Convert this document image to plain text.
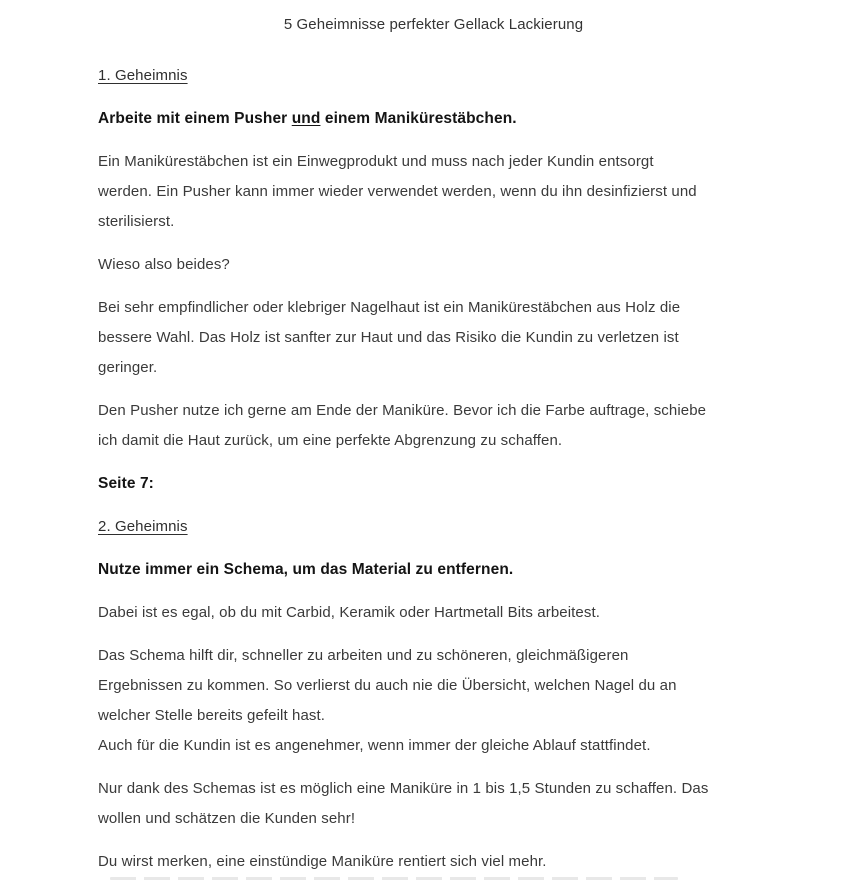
5 Geheimnisse perfekter Gellack Lackierung

1. Geheimnis

Arbeite mit einem Pusher und einem Manikürestäbchen.

Ein Manikürestäbchen ist ein Einwegprodukt und muss nach jeder Kundin entsorgt
werden. Ein Pusher kann immer wieder verwendet werden, wenn du ihn desinfizierst und
sterilisierst.

Wieso also beides?

Bei sehr empfindlicher oder klebriger Nagelhaut ist ein Manikürestäbchen aus Holz die
bessere Wahl. Das Holz ist sanfter zur Haut und das Risiko die Kundin zu verletzen ist
geringer.

Den Pusher nutze ich gerne am Ende der Maniküre. Bevor ich die Farbe auftrage, schiebe
ich damit die Haut zurück, um eine perfekte Abgrenzung zu schaffen.

Seite 7:

2. Geheimnis

Nutze immer ein Schema, um das Material zu entfernen.

Dabei ist es egal, ob du mit Carbid, Keramik oder Hartmetall Bits arbeitest.

Das Schema hilft dir, schneller zu arbeiten und zu schöneren, gleichmäßigeren
Ergebnissen zu kommen. So verlierst du auch nie die Übersicht, welchen Nagel du an
welcher Stelle bereits gefeilt hast.
Auch für die Kundin ist es angenehmer, wenn immer der gleiche Ablauf stattfindet.

Nur dank des Schemas ist es möglich eine Maniküre in 1 bis 1,5 Stunden zu schaffen. Das
wollen und schätzen die Kunden sehr!

Du wirst merken, eine einstündige Maniküre rentiert sich viel mehr.
